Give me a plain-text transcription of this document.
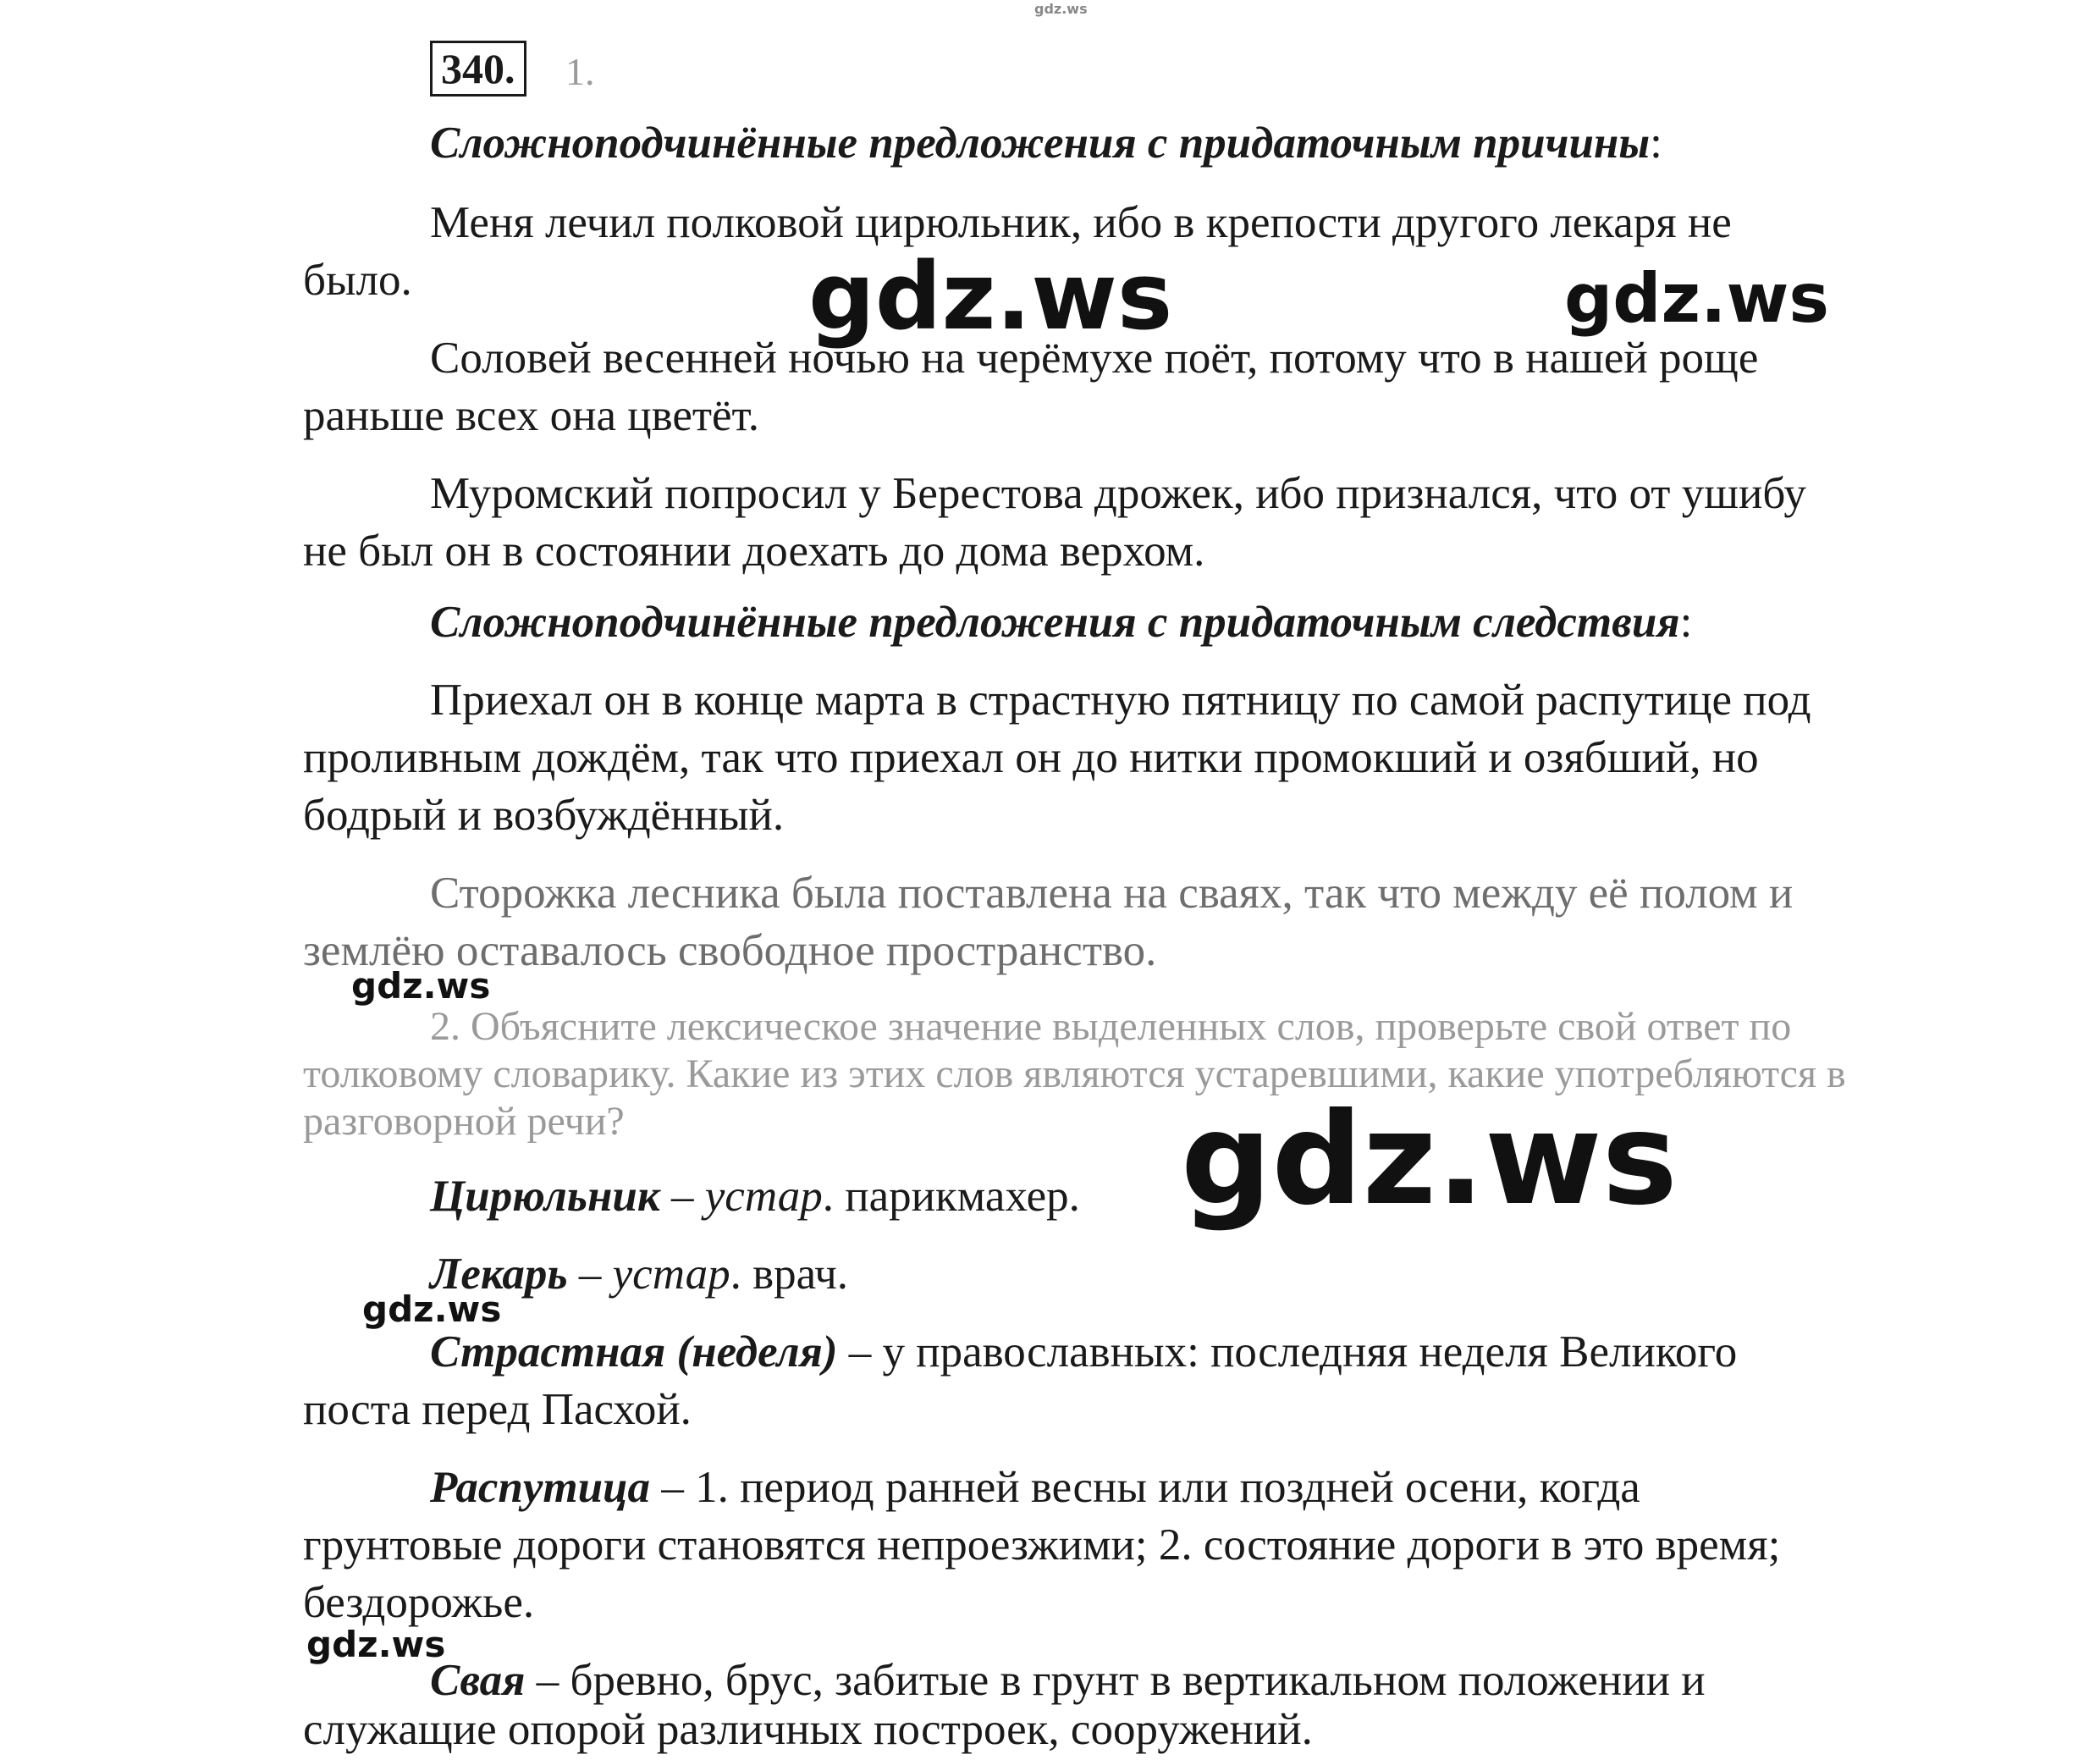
gdz.ws
340. 1.
Сложноподчинённые предложения с придаточным причины:
Меня лечил полковой цирюльник, ибо в крепости другого лекаря не
было.
Соловей весенней ночью на черёмухе поёт, потому что в нашей роще
раньше всех она цветёт.
Муромский попросил у Берестова дрожек, ибо признался, что от ушибу
не был он в состоянии доехать до дома верхом.
Сложноподчинённые предложения с придаточным следствия:
Приехал он в конце марта в страстную пятницу по самой распутице под
проливным дождём, так что приехал он до нитки промокший и озябший, но
бодрый и возбуждённый.
Сторожка лесника была поставлена на сваях, так что между её полом и
землёю оставалось свободное пространство.
2. Объясните лексическое значение выделенных слов, проверьте свой ответ по
толковому словарику. Какие из этих слов являются устаревшими, какие употребляются в
разговорной речи?
Цирюльник – устар. парикмахер.
Лекарь – устар. врач.
Страстная (неделя) – у православных: последняя неделя Великого
поста перед Пасхой.
Распутица – 1. период ранней весны или поздней осени, когда
грунтовые дороги становятся непроезжими; 2. состояние дороги в это время;
бездорожье.
Свая – бревно, брус, забитые в грунт в вертикальном положении и
служащие опорой различных построек, сооружений.
gdz.ws	gdz.ws
gdz.ws
gdz.ws
gdz.ws
gdz.ws
